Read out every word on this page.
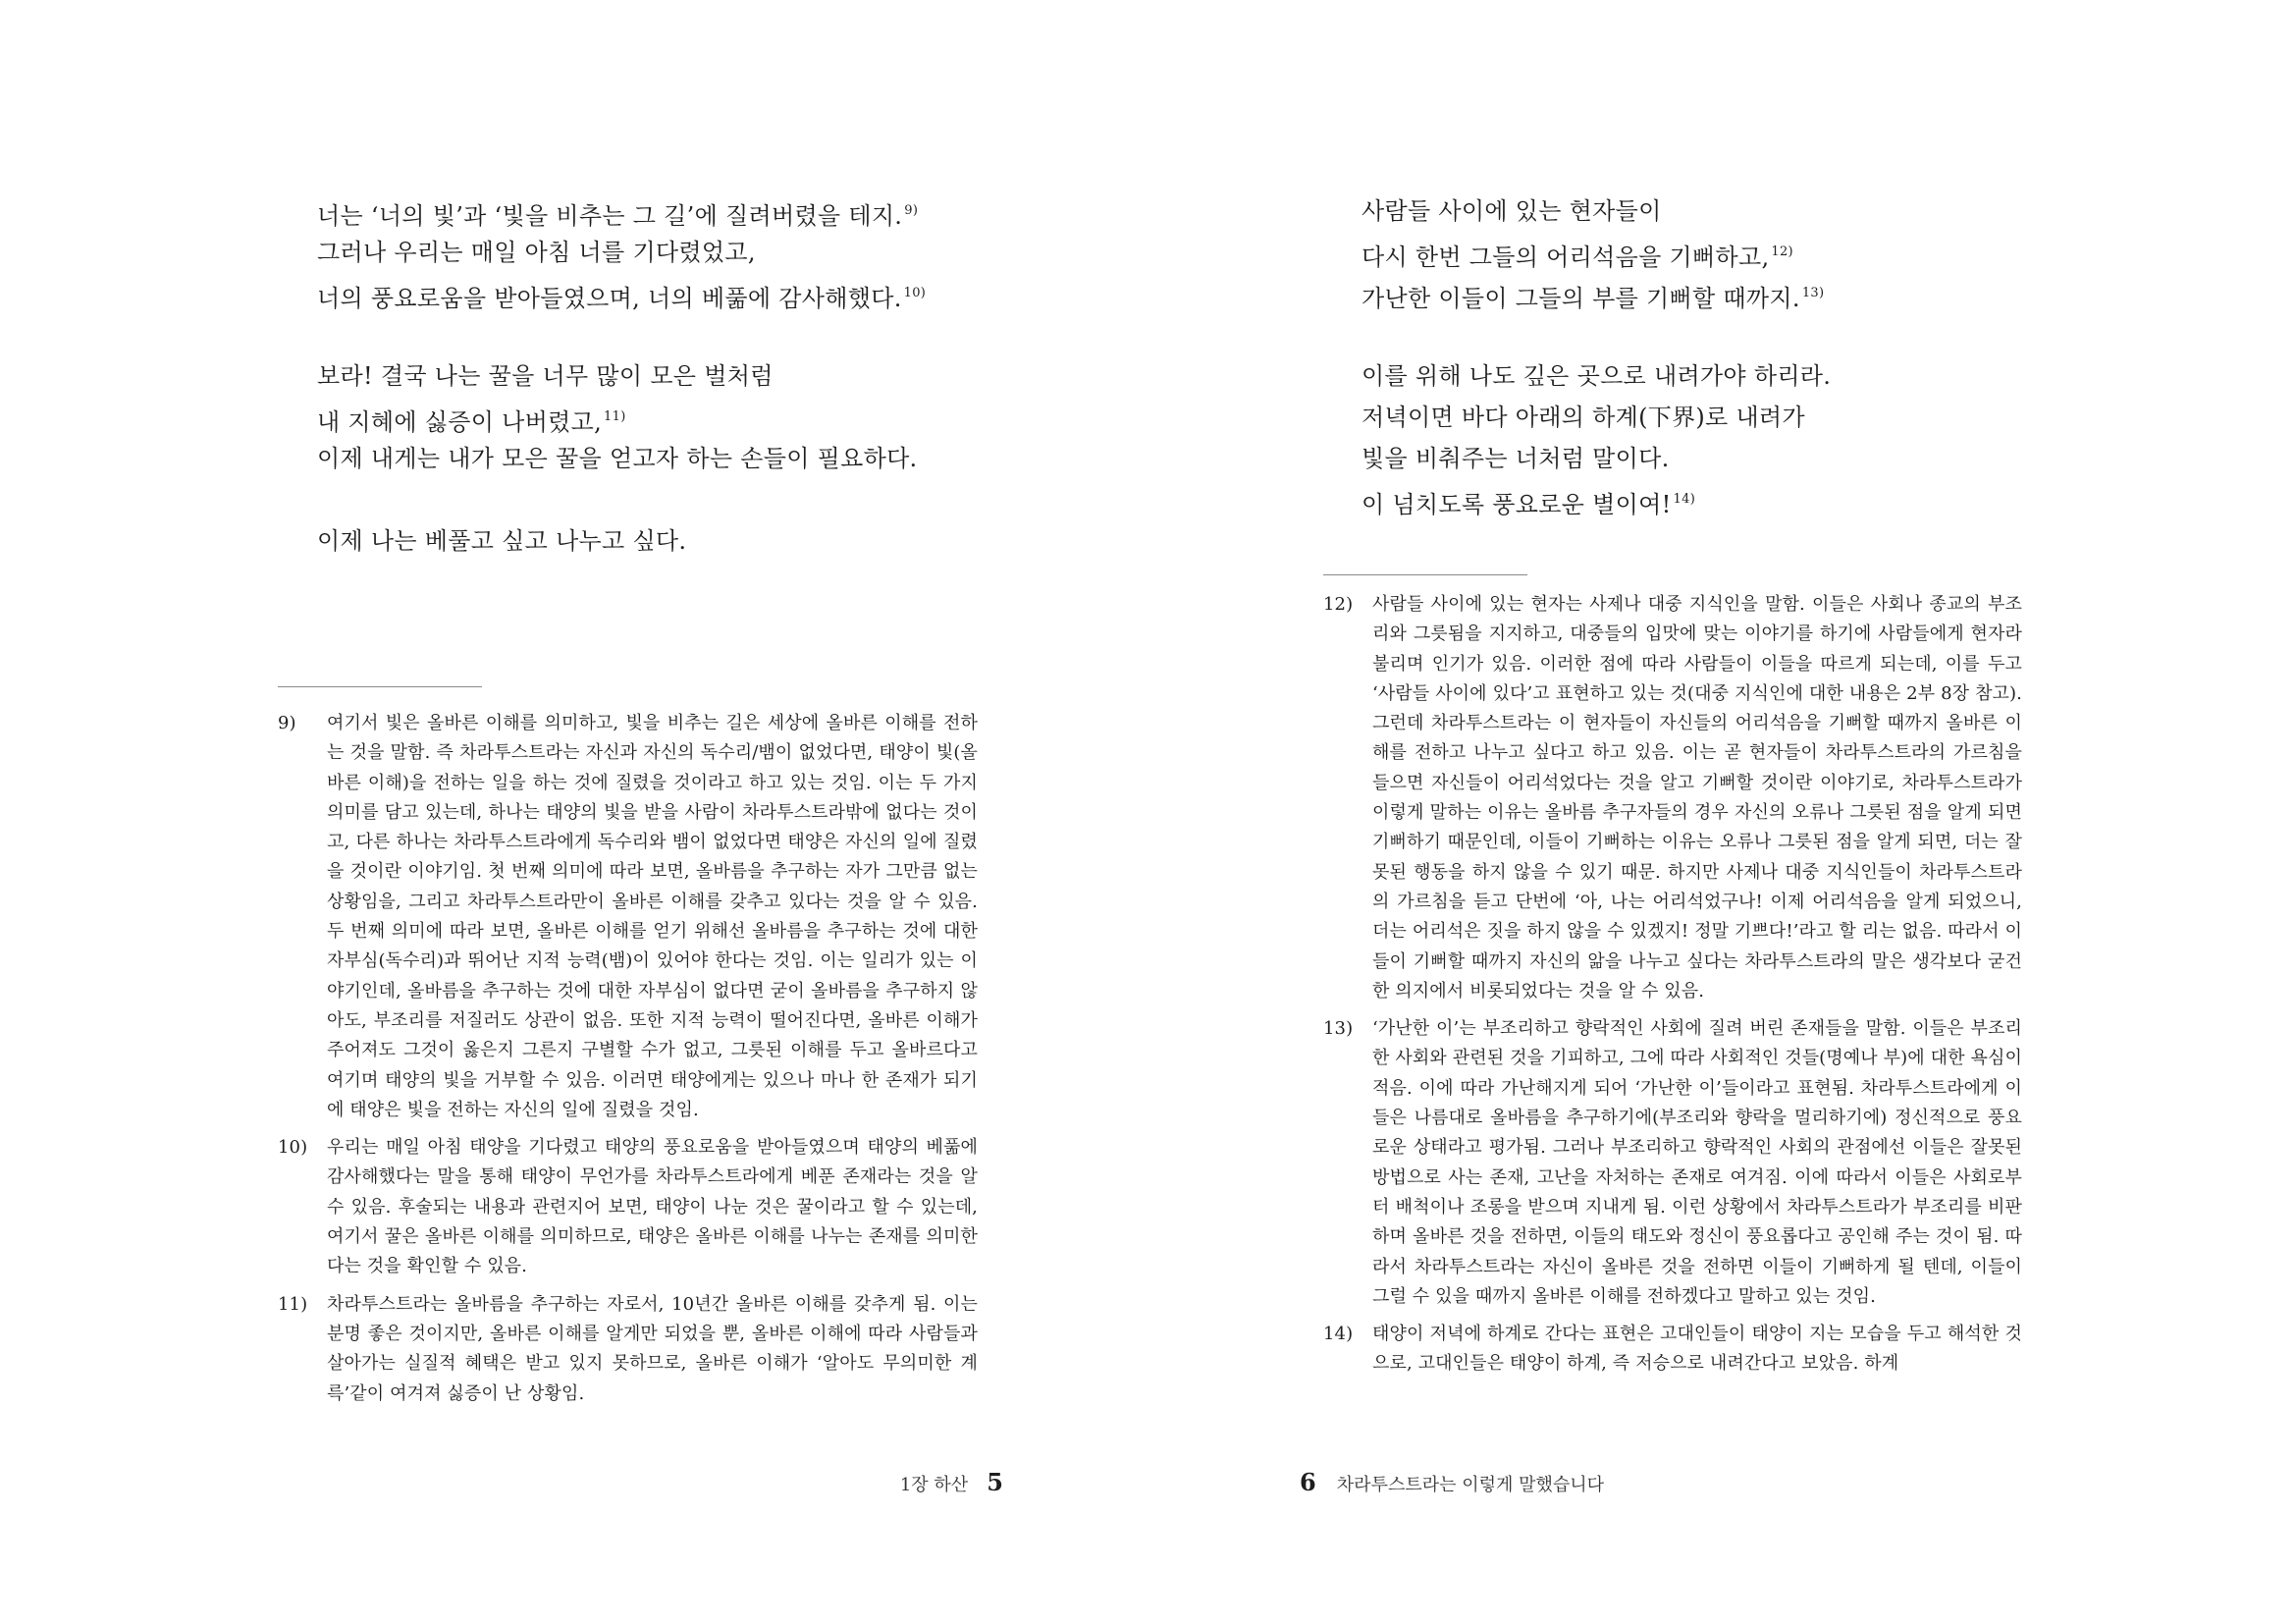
너는 ‘너의 빛’과 ‘빛을 비추는 그 길’에 질려버렸을 테지. $^{9)}$
그러나 우리는 매일 아침 너를 기다렸었고,
너의 풍요로움을 받아들였으며, 너의 베풂에 감사해했다. $^{10)}$
보라! 결국 나는 꿀을 너무 많이 모은 벌처럼
내 지혜에 싫증이 나버렸고, $^{11)}$
이제 내게는 내가 모은 꿀을 얻고자 하는 손들이 필요하다.
이제 나는 베풀고 싶고 나누고 싶다.
9) 여기서 빛은 올바른 이해를 의미하고, 빛을 비추는 길은 세상에 올바른 이해를 전하는 것을 말함. 즉 차라투스트라는 자신과 자신의 독수리/뱀이 없었다면, 태양이 빛(올바른 이해)을 전하는 일을 하는 것에 질렸을 것이라고 하고 있는 것임. 이는 두 가지 의미를 담고 있는데, 하나는 태양의 빛을 받을 사람이 차라투스트라밖에 없다는 것이고, 다른 하나는 차라투스트라에게 독수리와 뱀이 없었다면 태양은 자신의 일에 질렸을 것이란 이야기임. 첫 번째 의미에 따라 보면, 올바름을 추구하는 자가 그만큼 없는 상황임을, 그리고 차라투스트라만이 올바른 이해를 갖추고 있다는 것을 알 수 있음. 두 번째 의미에 따라 보면, 올바른 이해를 얻기 위해선 올바름을 추구하는 것에 대한 자부심(독수리)과 뛰어난 지적 능력(뱀)이 있어야 한다는 것임. 이는 일리가 있는 이야기인데, 올바름을 추구하는 것에 대한 자부심이 없다면 굳이 올바름을 추구하지 않아도, 부조리를 저질러도 상관이 없음. 또한 지적 능력이 떨어진다면, 올바른 이해가 주어져도 그것이 옳은지 그른지 구별할 수가 없고, 그릇된 이해를 두고 올바르다고 여기며 태양의 빛을 거부할 수 있음. 이러면 태양에게는 있으나 마나 한 존재가 되기에 태양은 빛을 전하는 자신의 일에 질렸을 것임.
10) 우리는 매일 아침 태양을 기다렸고 태양의 풍요로움을 받아들였으며 태양의 베풂에 감사해했다는 말을 통해 태양이 무언가를 차라투스트라에게 베푼 존재라는 것을 알 수 있음. 후술되는 내용과 관련지어 보면, 태양이 나눈 것은 꿀이라고 할 수 있는데, 여기서 꿀은 올바른 이해를 의미하므로, 태양은 올바른 이해를 나누는 존재를 의미한다는 것을 확인할 수 있음.
11) 차라투스트라는 올바름을 추구하는 자로서, 10년간 올바른 이해를 갖추게 됨. 이는 분명 좋은 것이지만, 올바른 이해를 알게만 되었을 뿐, 올바른 이해에 따라 사람들과 살아가는 실질적 혜택은 받고 있지 못하므로, 올바른 이해가 ‘알아도 무의미한 계륵’같이 여겨져 싫증이 난 상황임.
1장 하산 5
사람들 사이에 있는 현자들이
다시 한번 그들의 어리석음을 기뻐하고, $^{12)}$
가난한 이들이 그들의 부를 기뻐할 때까지. $^{13)}$
이를 위해 나도 깊은 곳으로 내려가야 하리라.
저녁이면 바다 아래의 하계(下界)로 내려가
빛을 비춰주는 너처럼 말이다.
이 넘치도록 풍요로운 별이여! $^{14)}$
12) 사람들 사이에 있는 현자는 사제나 대중 지식인을 말함. 이들은 사회나 종교의 부조리와 그릇됨을 지지하고, 대중들의 입맛에 맞는 이야기를 하기에 사람들에게 현자라 불리며 인기가 있음. 이러한 점에 따라 사람들이 이들을 따르게 되는데, 이를 두고 ‘사람들 사이에 있다’고 표현하고 있는 것(대중 지식인에 대한 내용은 2부 8장 참고). 그런데 차라투스트라는 이 현자들이 자신들의 어리석음을 기뻐할 때까지 올바른 이해를 전하고 나누고 싶다고 하고 있음. 이는 곧 현자들이 차라투스트라의 가르침을 들으면 자신들이 어리석었다는 것을 알고 기뻐할 것이란 이야기로, 차라투스트라가 이렇게 말하는 이유는 올바름 추구자들의 경우 자신의 오류나 그릇된 점을 알게 되면 기뻐하기 때문인데, 이들이 기뻐하는 이유는 오류나 그릇된 점을 알게 되면, 더는 잘못된 행동을 하지 않을 수 있기 때문. 하지만 사제나 대중 지식인들이 차라투스트라의 가르침을 듣고 단번에 ‘아, 나는 어리석었구나! 이제 어리석음을 알게 되었으니, 더는 어리석은 짓을 하지 않을 수 있겠지! 정말 기쁘다!’라고 할 리는 없음. 따라서 이들이 기뻐할 때까지 자신의 앎을 나누고 싶다는 차라투스트라의 말은 생각보다 굳건한 의지에서 비롯되었다는 것을 알 수 있음.
13) ‘가난한 이’는 부조리하고 향락적인 사회에 질려 버린 존재들을 말함. 이들은 부조리한 사회와 관련된 것을 기피하고, 그에 따라 사회적인 것들(명예나 부)에 대한 욕심이 적음. 이에 따라 가난해지게 되어 ‘가난한 이’들이라고 표현됨. 차라투스트라에게 이들은 나름대로 올바름을 추구하기에(부조리와 향락을 멀리하기에) 정신적으로 풍요로운 상태라고 평가됨. 그러나 부조리하고 향락적인 사회의 관점에선 이들은 잘못된 방법으로 사는 존재, 고난을 자처하는 존재로 여겨짐. 이에 따라서 이들은 사회로부터 배척이나 조롱을 받으며 지내게 됨. 이런 상황에서 차라투스트라가 부조리를 비판하며 올바른 것을 전하면, 이들의 태도와 정신이 풍요롭다고 공인해 주는 것이 됨. 따라서 차라투스트라는 자신이 올바른 것을 전하면 이들이 기뻐하게 될 텐데, 이들이 그럴 수 있을 때까지 올바른 이해를 전하겠다고 말하고 있는 것임.
14) 태양이 저녁에 하계로 간다는 표현은 고대인들이 태양이 지는 모습을 두고 해석한 것으로, 고대인들은 태양이 하계, 즉 저승으로 내려간다고 보았음. 하계
6 차라투스트라는 이렇게 말했습니다
